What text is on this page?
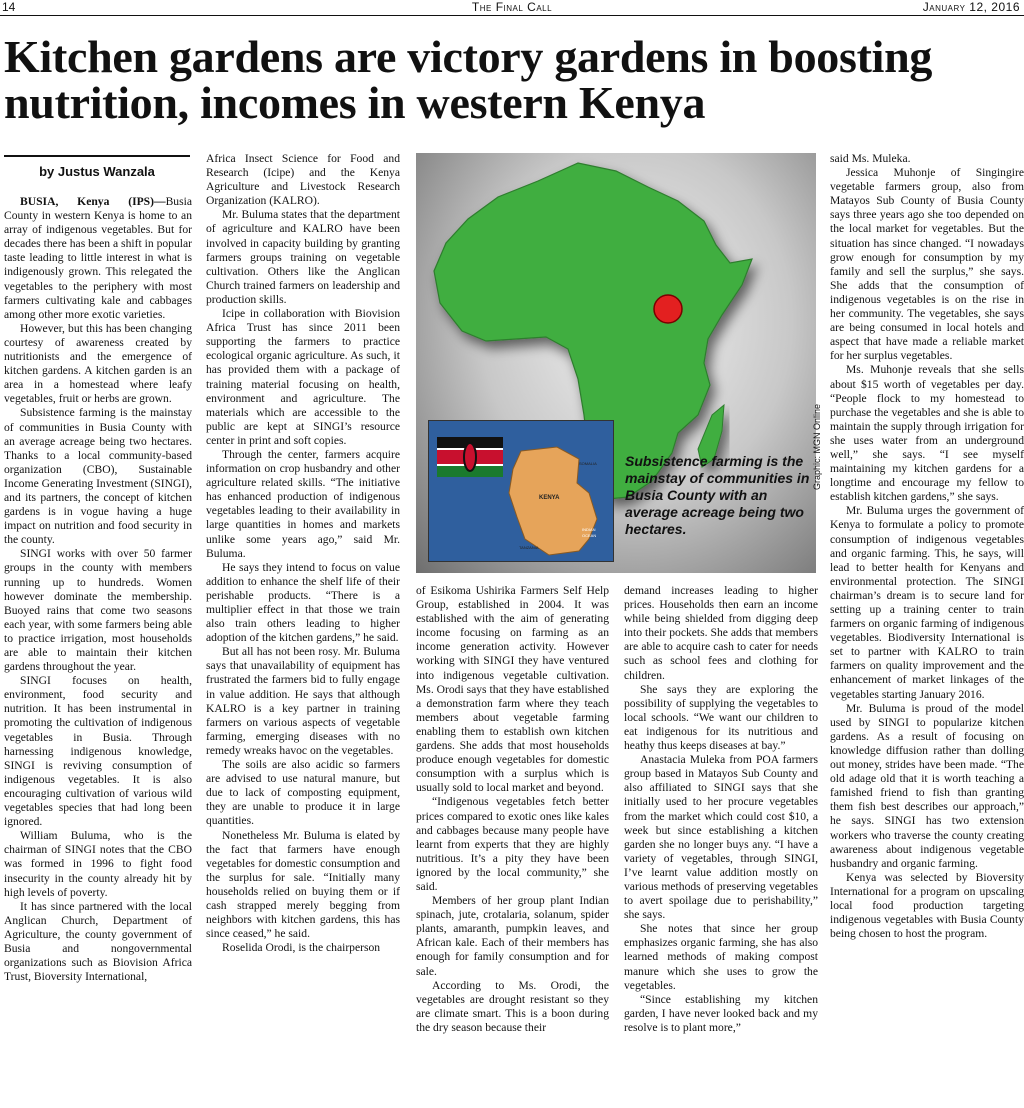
14	The Final Call	January 12, 2016
Kitchen gardens are victory gardens in boosting nutrition, incomes in western Kenya
by Justus Wanzala

BUSIA, Kenya (IPS)—Busia County in western Kenya is home to an array of indigenous vegetables. But for decades there has been a shift in popular taste leading to little interest in what is indigenously grown. This relegated the vegetables to the periphery with most farmers cultivating kale and cabbages among other more exotic varieties.

However, but this has been changing courtesy of awareness created by nutritionists and the emergence of kitchen gardens. A kitchen garden is an area in a homestead where leafy vegetables, fruit or herbs are grown.

Subsistence farming is the mainstay of communities in Busia County with an average acreage being two hectares. Thanks to a local community-based organization (CBO), Sustainable Income Generating Investment (SINGI), and its partners, the concept of kitchen gardens is in vogue having a huge impact on nutrition and food security in the county.

SINGI works with over 50 farmer groups in the county with members running up to hundreds. Women however dominate the membership. Buoyed rains that come two seasons each year, with some farmers being able to practice irrigation, most households are able to maintain their kitchen gardens throughout the year.

SINGI focuses on health, environment, food security and nutrition. It has been instrumental in promoting the cultivation of indigenous vegetables in Busia. Through harnessing indigenous knowledge, SINGI is reviving consumption of indigenous vegetables. It is also encouraging cultivation of various wild vegetables species that had long been ignored.

William Buluma, who is the chairman of SINGI notes that the CBO was formed in 1996 to fight food insecurity in the county already hit by high levels of poverty.

It has since partnered with the local Anglican Church, Department of Agriculture, the county government of Busia and nongovernmental organizations such as Biovision Africa Trust, Bioversity International,

Africa Insect Science for Food and Research (Icipe) and the Kenya Agriculture and Livestock Research Organization (KALRO).

Mr. Buluma states that the department of agriculture and KALRO have been involved in capacity building by granting farmers groups training on vegetable cultivation. Others like the Anglican Church trained farmers on leadership and production skills.

Icipe in collaboration with Biovision Africa Trust has since 2011 been supporting the farmers to practice ecological organic agriculture. As such, it has provided them with a package of training material focusing on health, environment and agriculture. The materials which are accessible to the public are kept at SINGI’s resource center in print and soft copies.

Through the center, farmers acquire information on crop husbandry and other agriculture related skills. “The initiative has enhanced production of indigenous vegetables leading to their availability in large quantities in homes and markets unlike some years ago,” said Mr. Buluma.

He says they intend to focus on value addition to enhance the shelf life of their perishable products. “There is a multiplier effect in that those we train also train others leading to higher adoption of the kitchen gardens,” he said.

But all has not been rosy. Mr. Buluma says that unavailability of equipment has frustrated the farmers bid to fully engage in value addition. He says that although KALRO is a key partner in training farmers on various aspects of vegetable farming, emerging diseases with no remedy wreaks havoc on the vegetables.

The soils are also acidic so farmers are advised to use natural manure, but due to lack of composting equipment, they are unable to produce it in large quantities.

Nonetheless Mr. Buluma is elated by the fact that farmers have enough vegetables for domestic consumption and the surplus for sale. “Initially many households relied on buying them or if cash strapped merely begging from neighbors with kitchen gardens, this has since ceased,” he said.

Roselida Orodi, is the chairperson

of Esikoma Ushirika Farmers Self Help Group, established in 2004. It was established with the aim of generating income focusing on farming as an income generation activity. However working with SINGI they have ventured into indigenous vegetable cultivation. Ms. Orodi says that they have established a demonstration farm where they teach members about vegetable farming enabling them to establish own kitchen gardens. She adds that most households produce enough vegetables for domestic consumption with a surplus which is usually sold to local market and beyond.

“Indigenous vegetables fetch better prices compared to exotic ones like kales and cabbages because many people have learnt from experts that they are highly nutritious. It’s a pity they have been ignored by the local community,” she said.

Members of her group plant Indian spinach, jute, crotalaria, solanum, spider plants, amaranth, pumpkin leaves, and African kale. Each of their members has enough for family consumption and for sale.

According to Ms. Orodi, the vegetables are drought resistant so they are climate smart. This is a boon during the dry season because their

demand increases leading to higher prices. Households then earn an income while being shielded from digging deep into their pockets. She adds that members are able to acquire cash to cater for needs such as school fees and clothing for children.

She says they are exploring the possibility of supplying the vegetables to local schools. “We want our children to eat indigenous for its nutritious and heathy thus keeps diseases at bay.”

Anastacia Muleka from POA farmers group based in Matayos Sub County and also affiliated to SINGI says that she initially used to her procure vegetables from the market which could cost $10, a week but since establishing a kitchen garden she no longer buys any. “I have a variety of vegetables, through SINGI, I’ve learnt value addition mostly on various methods of preserving vegetables to avert spoilage due to perishability,” she says.

She notes that since her group emphasizes organic farming, she has also learned methods of making compost manure which she uses to grow the vegetables.

“Since establishing my kitchen garden, I have never looked back and my resolve is to plant more,”

said Ms. Muleka.

Jessica Muhonje of Singingire vegetable farmers group, also from Matayos Sub County of Busia County says three years ago she too depended on the local market for vegetables. But the situation has since changed. “I nowadays grow enough for consumption by my family and sell the surplus,” she says. She adds that the consumption of indigenous vegetables is on the rise in her community. The vegetables, she says are being consumed in local hotels and aspect that have made a reliable market for her surplus vegetables.

Ms. Muhonje reveals that she sells about $15 worth of vegetables per day. “People flock to my homestead to purchase the vegetables and she is able to maintain the supply through irrigation for she uses water from an underground well,” she says. “I see myself maintaining my kitchen gardens for a longtime and encourage my fellow to establish kitchen gardens,” she says.

Mr. Buluma urges the government of Kenya to formulate a policy to promote consumption of indigenous vegetables and organic farming. This, he says, will lead to better health for Kenyans and environmental protection. The SINGI chairman’s dream is to secure land for setting up a training center to train farmers on organic farming of indigenous vegetables. Biodiversity International is set to partner with KALRO to train farmers on quality improvement and the enhancement of market linkages of the vegetables starting January 2016.

Mr. Buluma is proud of the model used by SINGI to popularize kitchen gardens. As a result of focusing on knowledge diffusion rather than dolling out money, strides have been made. “The old adage old that it is worth teaching a famished friend to fish than granting them fish best describes our approach,” he says. SINGI has two extension workers who traverse the county creating awareness about indigenous vegetable husbandry and organic farming.

Kenya was selected by Bioversity International for a program on upscaling local food production targeting indigenous vegetables with Busia County being chosen to host the program.

KENYA
SOMALIA
TANZANIA
INDIAN
OCEAN

Subsistence farming is the mainstay of communities in Busia County with an average acreage being two hectares.

Graphic: MGN Online
